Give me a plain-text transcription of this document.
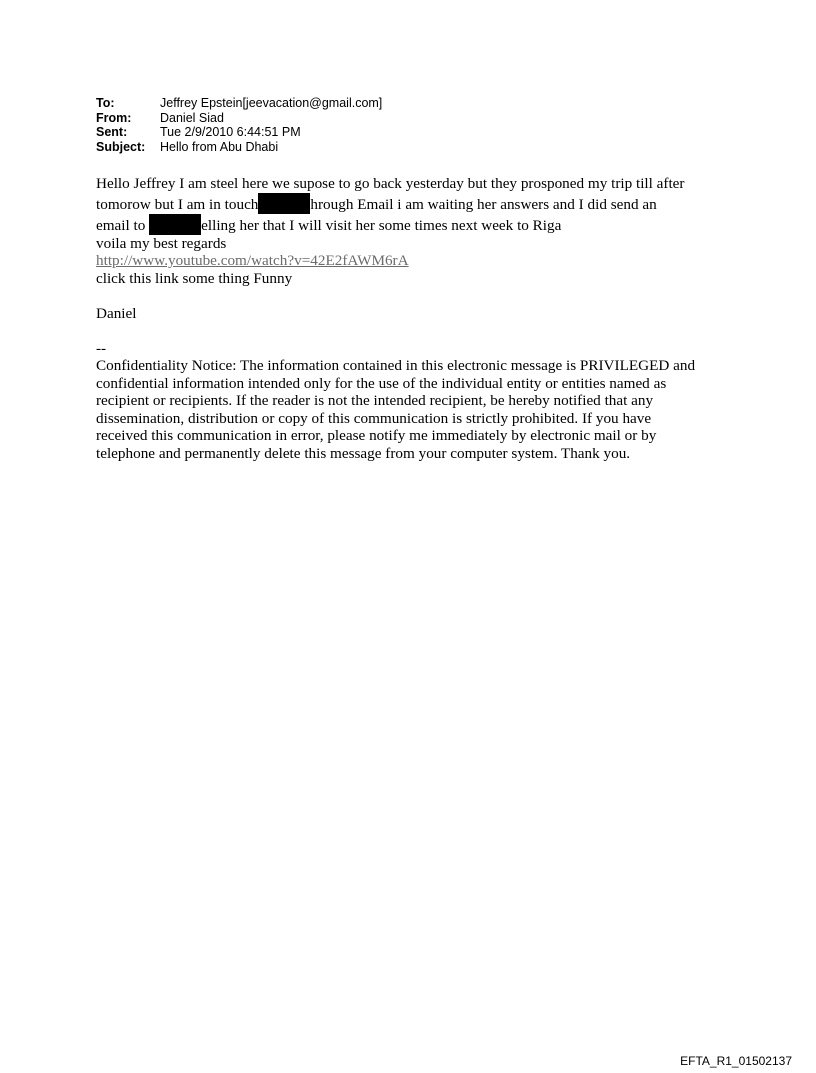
To:	Jeffrey Epstein[jeevacation@gmail.com]
From:	Daniel Siad
Sent:	Tue 2/9/2010 6:44:51 PM
Subject:	Hello from Abu Dhabi
Hello Jeffrey I am steel here we supose to go back yesterday but they prosponed my trip till after
tomorow but I am in touch	hrough Email i am waiting her answers and I did send an
email to	elling her that I will visit her some times next week to Riga
voila my best regards
http://www.youtube.com/watch?v=42E2fAWM6rA
click this link some thing Funny
Daniel
--
Confidentiality Notice: The information contained in this electronic message is PRIVILEGED and
confidential information intended only for the use of the individual entity or entities named as
recipient or recipients. If the reader is not the intended recipient, be hereby notified that any
dissemination, distribution or copy of this communication is strictly prohibited. If you have
received this communication in error, please notify me immediately by electronic mail or by
telephone and permanently delete this message from your computer system. Thank you.
EFTA_R1_01502137
